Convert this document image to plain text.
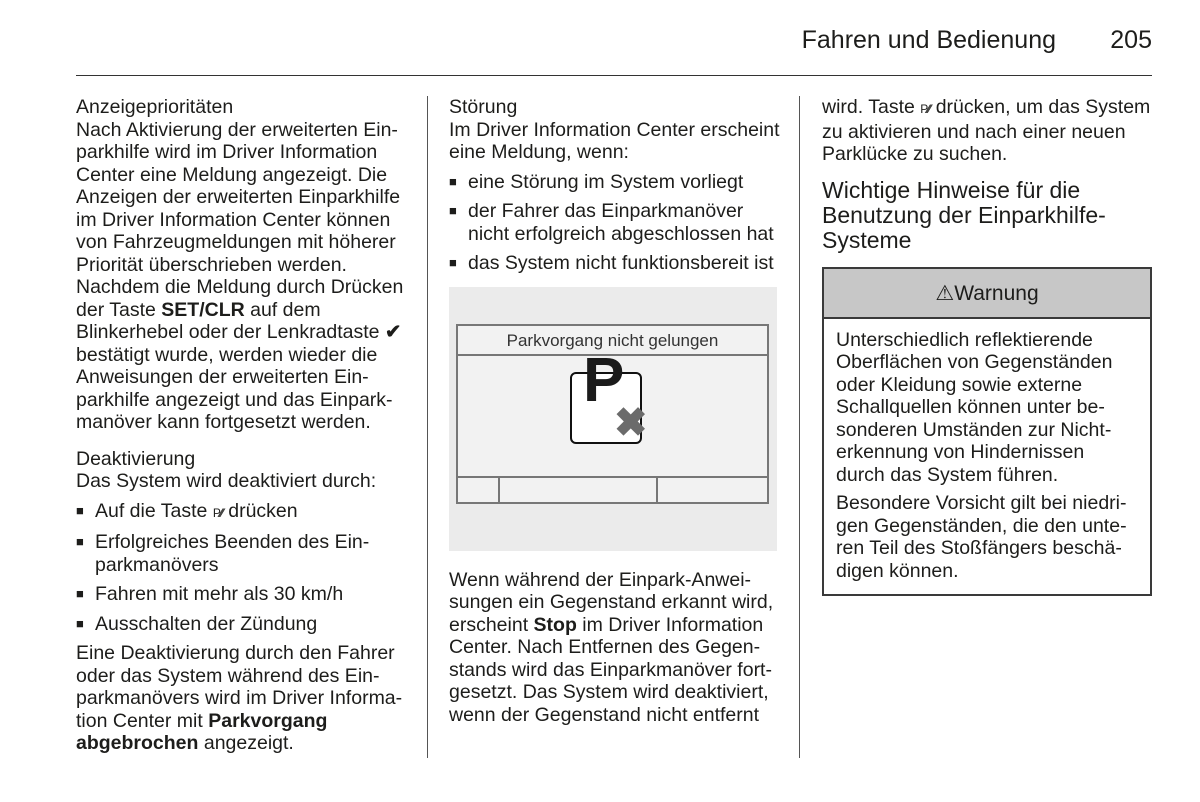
Fahren und Bedienung	205

Anzeigeprioritäten

Nach Aktivierung der erweiterten Einparkhilfe wird im Driver Information Center eine Meldung angezeigt. Die Anzeigen der erweiterten Einparkhilfe im Driver Information Center können von Fahrzeugmeldungen mit höherer Priorität überschrieben werden. Nachdem die Meldung durch Drücken der Taste SET/CLR auf dem Blinkerhebel oder der Lenkradtaste ✔ bestätigt wurde, werden wieder die Anweisungen der erweiterten Einparkhilfe angezeigt und das Einparkmanöver kann fortgesetzt werden.

Deaktivierung

Das System wird deaktiviert durch:

■ Auf die Taste P⁄⁄⁄ drücken
■ Erfolgreiches Beenden des Einparkmanövers
■ Fahren mit mehr als 30 km/h
■ Ausschalten der Zündung

Eine Deaktivierung durch den Fahrer oder das System während des Einparkmanövers wird im Driver Information Center mit Parkvorgang abgebrochen angezeigt.

Störung

Im Driver Information Center erscheint eine Meldung, wenn:

■ eine Störung im System vorliegt
■ der Fahrer das Einparkmanöver nicht erfolgreich abgeschlossen hat
■ das System nicht funktionsbereit ist
Parkvorgang nicht gelungen
P
✖

Wenn während der Einpark-Anweisungen ein Gegenstand erkannt wird, erscheint Stop im Driver Information Center. Nach Entfernen des Gegenstands wird das Einparkmanöver fortgesetzt. Das System wird deaktiviert, wenn der Gegenstand nicht entfernt

wird. Taste P⁄⁄⁄ drücken, um das System zu aktivieren und nach einer neuen Parklücke zu suchen.

Wichtige Hinweise für die Benutzung der Einparkhilfe-Systeme

⚠Warnung

Unterschiedlich reflektierende Oberflächen von Gegenständen oder Kleidung sowie externe Schallquellen können unter besonderen Umständen zur Nichterkennung von Hindernissen durch das System führen.

Besondere Vorsicht gilt bei niedrigen Gegenständen, die den unteren Teil des Stoßfängers beschädigen können.
